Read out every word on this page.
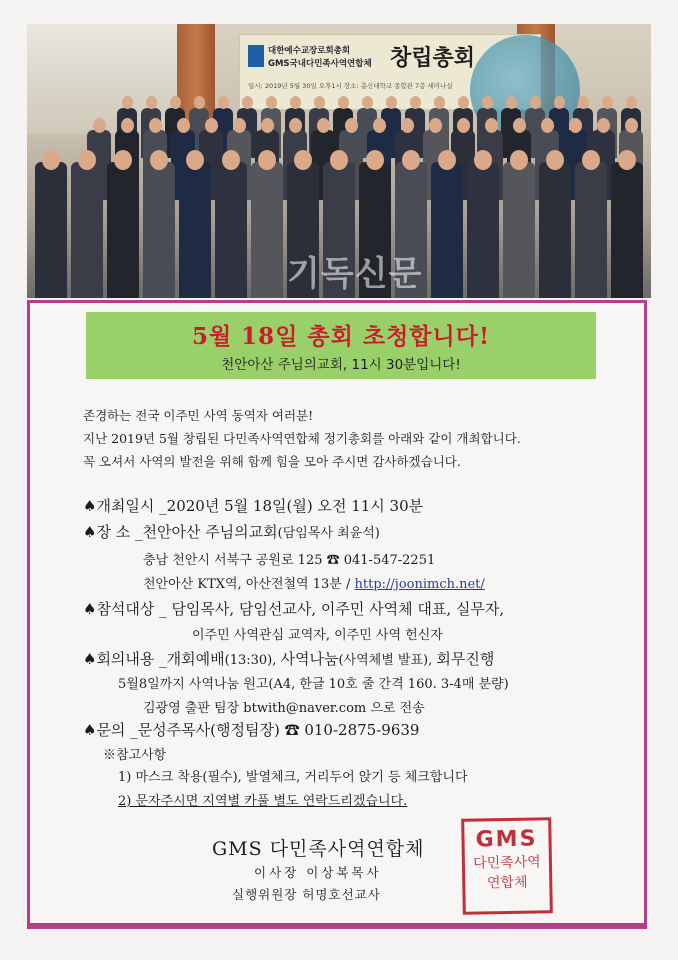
대한예수교장로회총회
GMS국내다민족사역연합체 창립총회
일시: 2019년 5월 30일 오후1시 장소: 총신대학교 종합관 7층 세미나실
기독신문
5월 18일 총회 초청합니다!
천안아산 주님의교회, 11시 30분입니다!
존경하는 전국 이주민 사역 동역자 여러분!
지난 2019년 5월 창립된 다민족사역연합체 정기총회를 아래와 같이 개최합니다.
꼭 오셔서 사역의 발전을 위해 함께 힘을 모아 주시면 감사하겠습니다.
♠개최일시 _2020년 5월 18일(월) 오전 11시 30분
♠장 소 _천안아산 주님의교회(담임목사 최윤석)
충남 천안시 서북구 공원로 125 ☎ 041-547-2251
천안아산 KTX역, 아산전철역 13분 / http://joonimch.net/
♠참석대상 _ 담임목사, 담임선교사, 이주민 사역체 대표, 실무자,
이주민 사역관심 교역자, 이주민 사역 헌신자
♠회의내용 _개회예배(13:30), 사역나눔(사역체별 발표), 회무진행
5월8일까지 사역나눔 원고(A4, 한글 10호 줄 간격 160. 3-4매 분량)
김광영 출판 팀장 btwith@naver.com 으로 전송
♠문의 _문성주목사(행정팀장) ☎ 010-2875-9639
※참고사항
1) 마스크 착용(필수), 발열체크, 거리두어 앉기 등 체크합니다
2) 문자주시면 지역별 카풀 별도 연락드리겠습니다.
GMS 다민족사역연합체
이사장 이상복목사
실행위원장 허명호선교사
GMS
다민족사역
연합체
